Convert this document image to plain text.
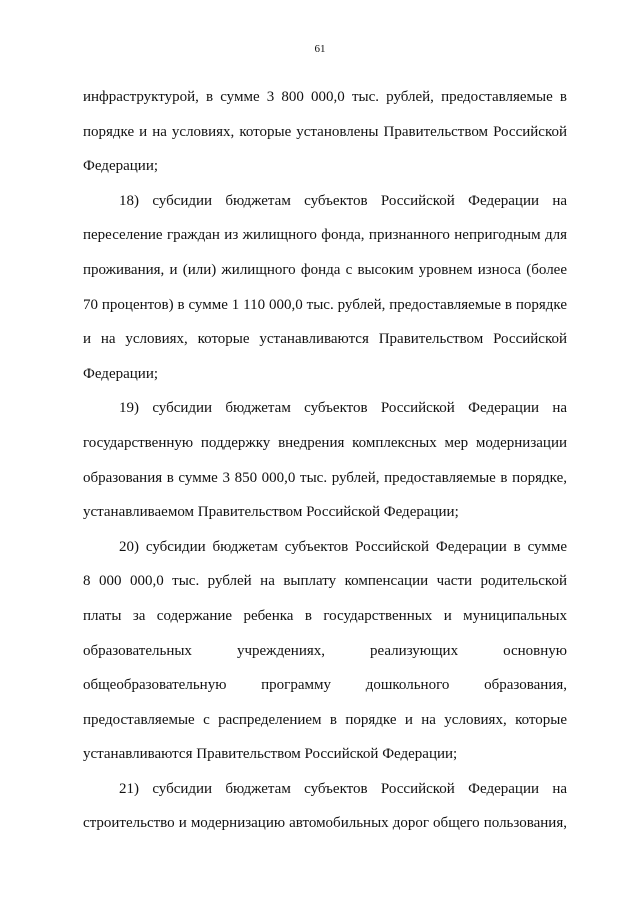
61
инфраструктурой, в сумме 3 800 000,0 тыс. рублей, предоставляемые в
порядке и на условиях, которые установлены Правительством Российской
Федерации;
18) субсидии бюджетам субъектов Российской Федерации на
переселение граждан из жилищного фонда, признанного непригодным для
проживания, и (или) жилищного фонда с высоким уровнем износа (более
70 процентов) в сумме 1 110 000,0 тыс. рублей, предоставляемые в порядке
и на условиях, которые устанавливаются Правительством Российской
Федерации;
19) субсидии бюджетам субъектов Российской Федерации на
государственную поддержку внедрения комплексных мер модернизации
образования в сумме 3 850 000,0 тыс. рублей, предоставляемые в порядке,
устанавливаемом Правительством Российской Федерации;
20) субсидии бюджетам субъектов Российской Федерации в сумме
8 000 000,0 тыс. рублей на выплату компенсации части родительской
платы за содержание ребенка в государственных и муниципальных
образовательных учреждениях, реализующих основную
общеобразовательную программу дошкольного образования,
предоставляемые с распределением в порядке и на условиях, которые
устанавливаются Правительством Российской Федерации;
21) субсидии бюджетам субъектов Российской Федерации на
строительство и модернизацию автомобильных дорог общего пользования,
